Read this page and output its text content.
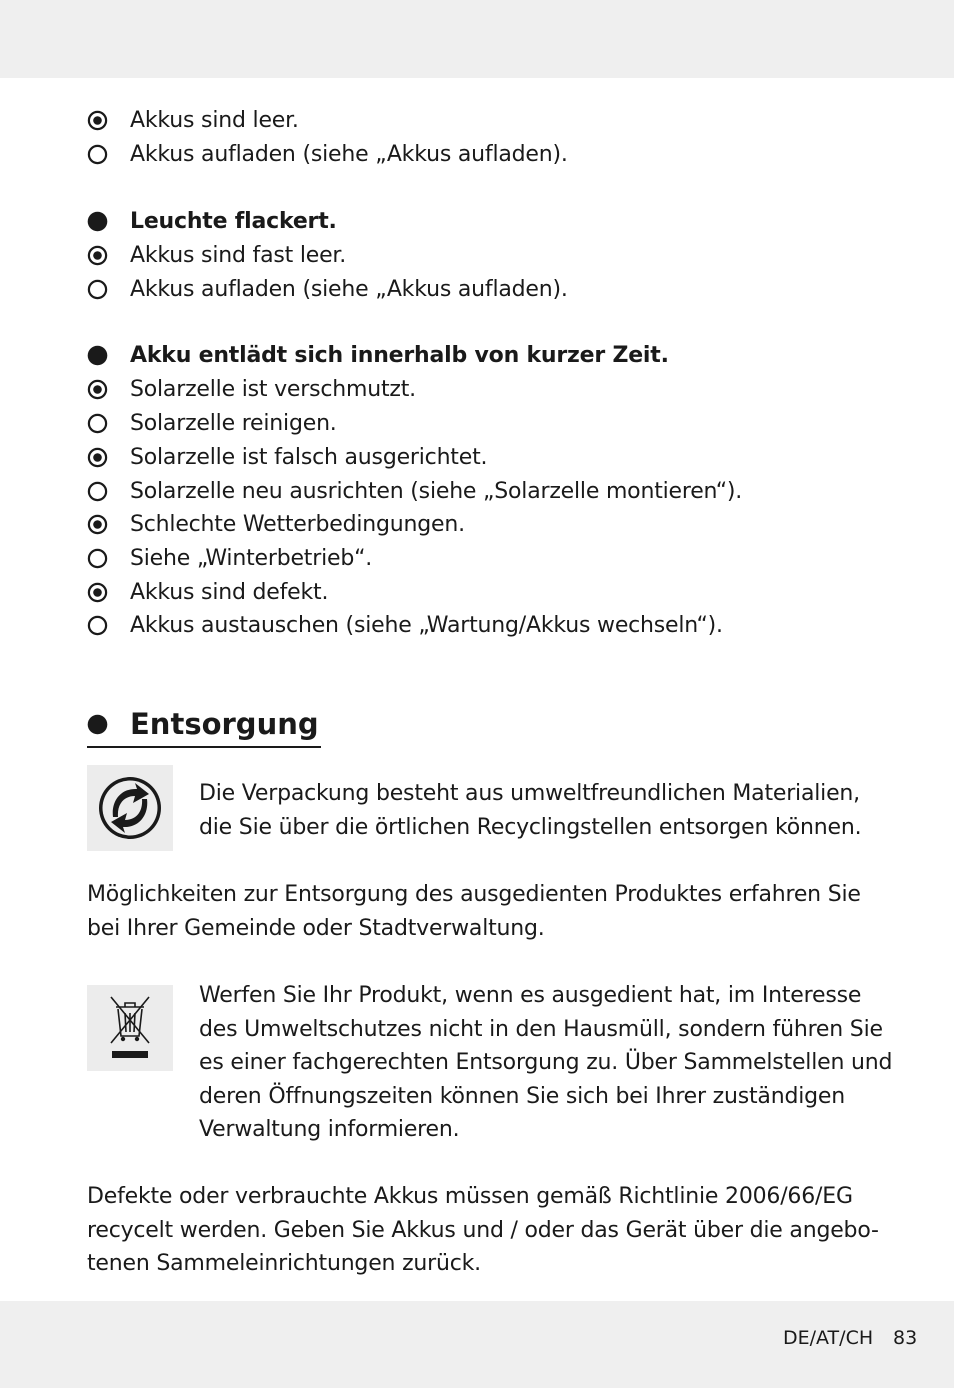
Akkus sind leer.
Akkus aufladen (siehe „Akkus aufladen).
Leuchte flackert.
Akkus sind fast leer.
Akkus aufladen (siehe „Akkus aufladen).
Akku entlädt sich innerhalb von kurzer Zeit.
Solarzelle ist verschmutzt.
Solarzelle reinigen.
Solarzelle ist falsch ausgerichtet.
Solarzelle neu ausrichten (siehe „Solarzelle montieren“).
Schlechte Wetterbedingungen.
Siehe „Winterbetrieb“.
Akkus sind defekt.
Akkus austauschen (siehe „Wartung/Akkus wechseln“).
Entsorgung

Die Verpackung besteht aus umweltfreundlichen Materialien,
die Sie über die örtlichen Recyclingstellen entsorgen können.

Möglichkeiten zur Entsorgung des ausgedienten Produktes erfahren Sie
bei Ihrer Gemeinde oder Stadtverwaltung.

Werfen Sie Ihr Produkt, wenn es ausgedient hat, im Interesse
des Umweltschutzes nicht in den Hausmüll, sondern führen Sie
es einer fachgerechten Entsorgung zu. Über Sammelstellen und
deren Öffnungszeiten können Sie sich bei Ihrer zuständigen
Verwaltung informieren.

Defekte oder verbrauchte Akkus müssen gemäß Richtlinie 2006/66/EG
recycelt werden. Geben Sie Akkus und / oder das Gerät über die angebo-
tenen Sammeleinrichtungen zurück.

DE/AT/CH 83
